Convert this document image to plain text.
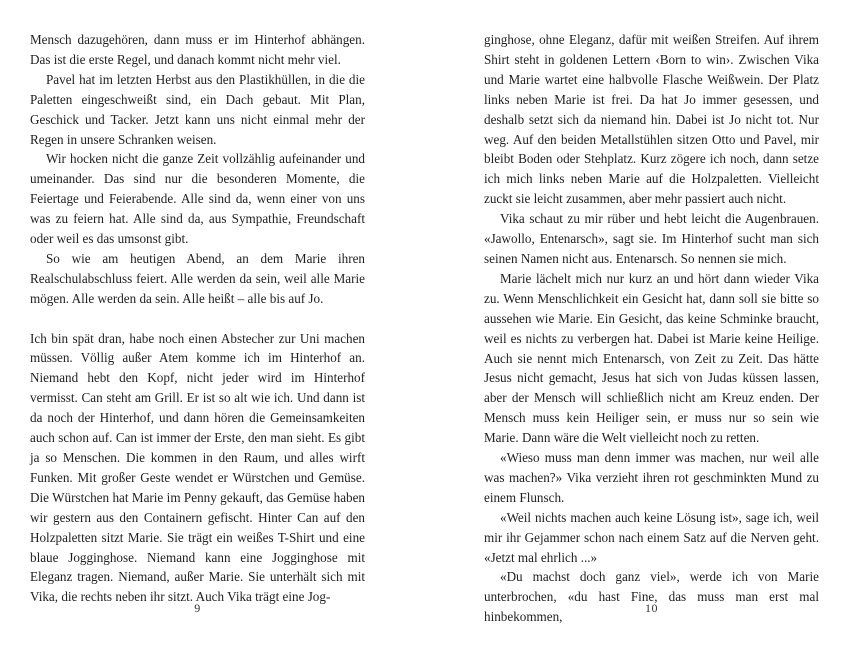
Mensch dazugehören, dann muss er im Hinterhof abhängen. Das ist die erste Regel, und danach kommt nicht mehr viel.

Pavel hat im letzten Herbst aus den Plastikhüllen, in die die Paletten eingeschweißt sind, ein Dach gebaut. Mit Plan, Geschick und Tacker. Jetzt kann uns nicht einmal mehr der Regen in unsere Schranken weisen.

Wir hocken nicht die ganze Zeit vollzählig aufeinander und umeinander. Das sind nur die besonderen Momente, die Feiertage und Feierabende. Alle sind da, wenn einer von uns was zu feiern hat. Alle sind da, aus Sympathie, Freundschaft oder weil es das umsonst gibt.

So wie am heutigen Abend, an dem Marie ihren Realschulabschluss feiert. Alle werden da sein, weil alle Marie mögen. Alle werden da sein. Alle heißt – alle bis auf Jo.

Ich bin spät dran, habe noch einen Abstecher zur Uni machen müssen. Völlig außer Atem komme ich im Hinterhof an. Niemand hebt den Kopf, nicht jeder wird im Hinterhof vermisst. Can steht am Grill. Er ist so alt wie ich. Und dann ist da noch der Hinterhof, und dann hören die Gemeinsamkeiten auch schon auf. Can ist immer der Erste, den man sieht. Es gibt ja so Menschen. Die kommen in den Raum, und alles wirft Funken. Mit großer Geste wendet er Würstchen und Gemüse. Die Würstchen hat Marie im Penny gekauft, das Gemüse haben wir gestern aus den Containern gefischt. Hinter Can auf den Holzpaletten sitzt Marie. Sie trägt ein weißes T-Shirt und eine blaue Jogginghose. Niemand kann eine Jogginghose mit Eleganz tragen. Niemand, außer Marie. Sie unterhält sich mit Vika, die rechts neben ihr sitzt. Auch Vika trägt eine Jog-

9

ginghose, ohne Eleganz, dafür mit weißen Streifen. Auf ihrem Shirt steht in goldenen Lettern ‹Born to win›. Zwischen Vika und Marie wartet eine halbvolle Flasche Weißwein. Der Platz links neben Marie ist frei. Da hat Jo immer gesessen, und deshalb setzt sich da niemand hin. Dabei ist Jo nicht tot. Nur weg. Auf den beiden Metallstühlen sitzen Otto und Pavel, mir bleibt Boden oder Stehplatz. Kurz zögere ich noch, dann setze ich mich links neben Marie auf die Holzpaletten. Vielleicht zuckt sie leicht zusammen, aber mehr passiert auch nicht.

Vika schaut zu mir rüber und hebt leicht die Augenbrauen. «Jawollo, Entenarsch», sagt sie. Im Hinterhof sucht man sich seinen Namen nicht aus. Entenarsch. So nennen sie mich.

Marie lächelt mich nur kurz an und hört dann wieder Vika zu. Wenn Menschlichkeit ein Gesicht hat, dann soll sie bitte so aussehen wie Marie. Ein Gesicht, das keine Schminke braucht, weil es nichts zu verbergen hat. Dabei ist Marie keine Heilige. Auch sie nennt mich Entenarsch, von Zeit zu Zeit. Das hätte Jesus nicht gemacht, Jesus hat sich von Judas küssen lassen, aber der Mensch will schließlich nicht am Kreuz enden. Der Mensch muss kein Heiliger sein, er muss nur so sein wie Marie. Dann wäre die Welt vielleicht noch zu retten.

«Wieso muss man denn immer was machen, nur weil alle was machen?» Vika verzieht ihren rot geschminkten Mund zu einem Flunsch.

«Weil nichts machen auch keine Lösung ist», sage ich, weil mir ihr Gejammer schon nach einem Satz auf die Nerven geht. «Jetzt mal ehrlich ...»

«Du machst doch ganz viel», werde ich von Marie unterbrochen, «du hast Fine, das muss man erst mal hinbekommen,

10
